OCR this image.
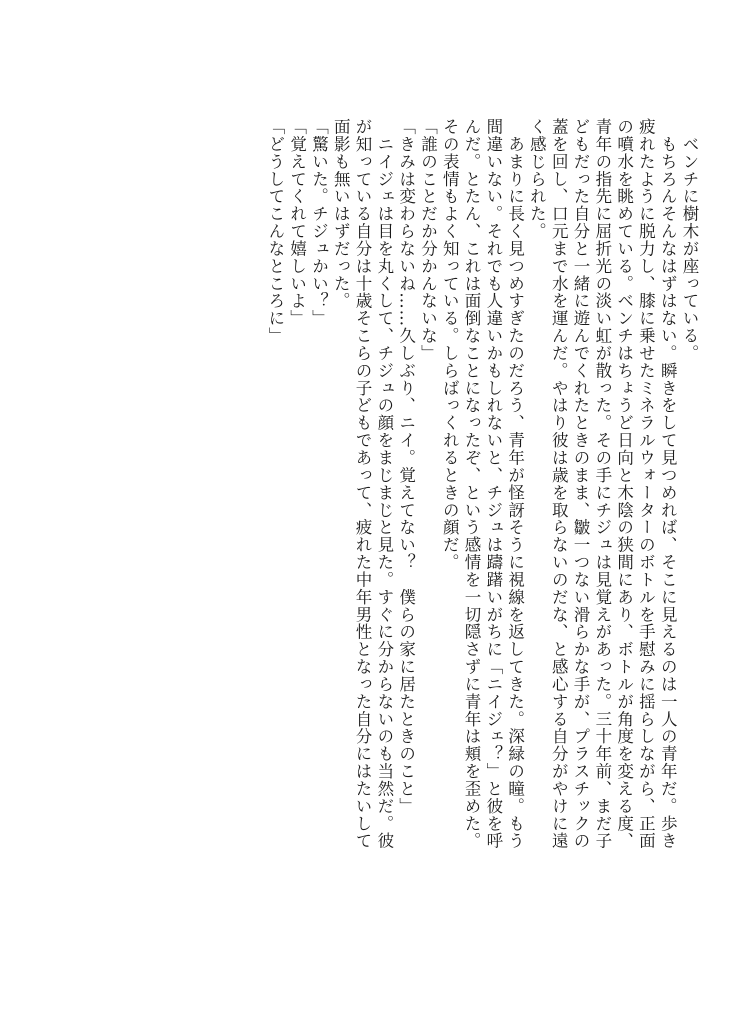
　ベンチに樹木が座っている。
　もちろんそんなはずはない。瞬きをして見つめれば、そこに見えるのは一人の青年だ。歩き
疲れたように脱力し、膝に乗せたミネラルウォーターのボトルを手慰みに揺らしながら、正面
の噴水を眺めている。ベンチはちょうど日向と木陰の狭間にあり、ボトルが角度を変える度、
青年の指先に屈折光の淡い虹が散った。その手にチジュは見覚えがあった。三十年前、まだ子
どもだった自分と一緒に遊んでくれたときのまま、皺一つない滑らかな手が、プラスチックの
蓋を回し、口元まで水を運んだ。やはり彼は歳を取らないのだな、と感心する自分がやけに遠
く感じられた。
　あまりに長く見つめすぎたのだろう、青年が怪訝そうに視線を返してきた。深緑の瞳。もう
間違いない。それでも人違いかもしれないと、チジュは躊躇いがちに「ニイジェ？」と彼を呼
んだ。とたん、これは面倒なことになったぞ、という感情を一切隠さずに青年は頬を歪めた。
その表情もよく知っている。しらばっくれるときの顔だ。
「誰のことだか分かんないな」
「きみは変わらないね……久しぶり、ニイ。覚えてない？　僕らの家に居たときのこと」
　ニイジェは目を丸くして、チジュの顔をまじまじと見た。すぐに分からないのも当然だ。彼
が知っている自分は十歳そこらの子どもであって、疲れた中年男性となった自分にはたいして
面影も無いはずだった。
「驚いた。チジュかい？」
「覚えてくれて嬉しいよ」
「どうしてこんなところに」
